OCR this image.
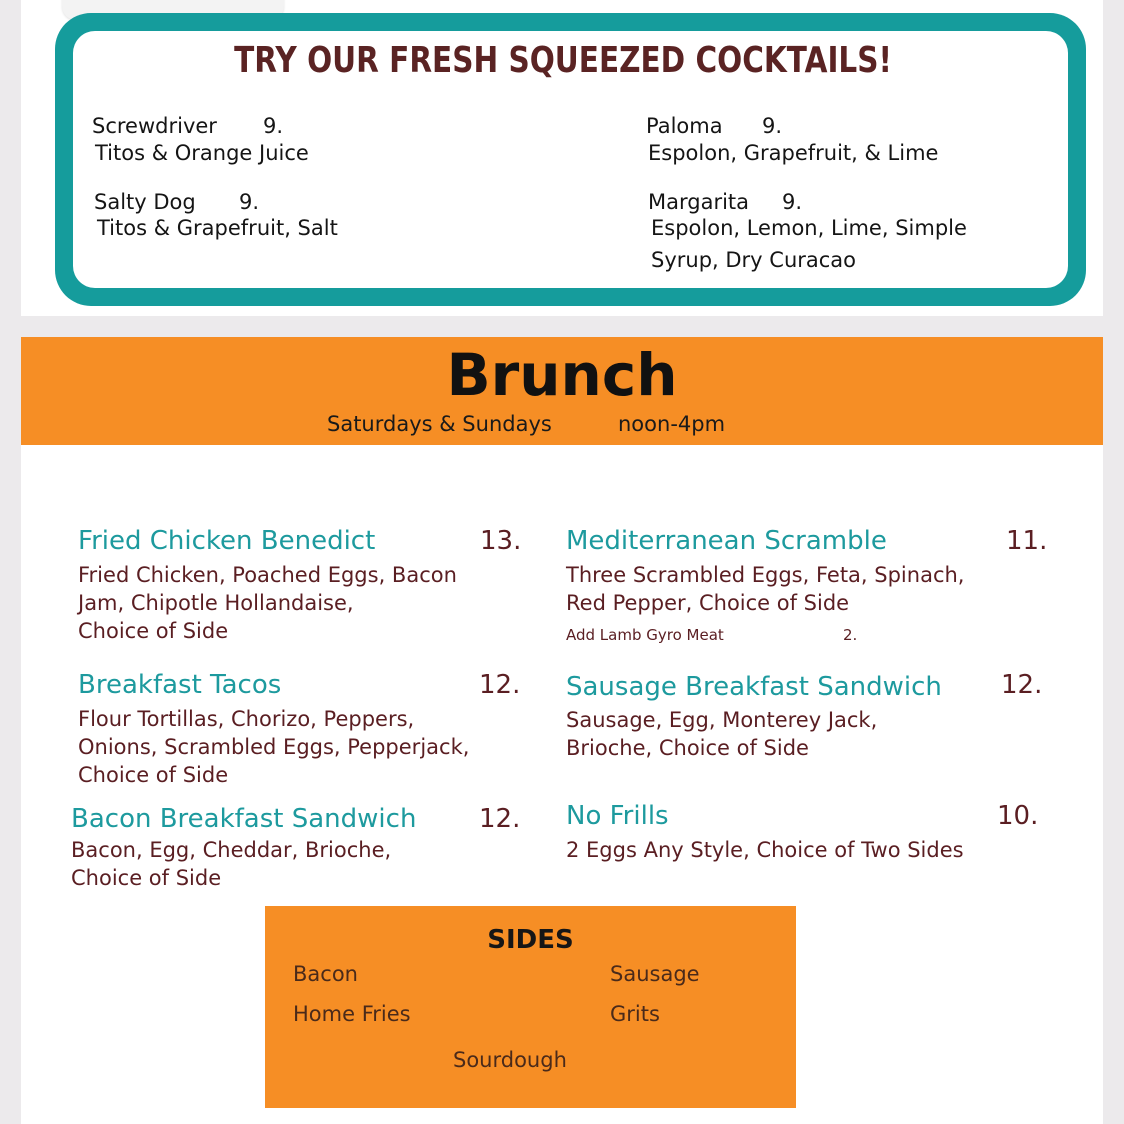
TRY OUR FRESH SQUEEZED COCKTAILS!
Screwdriver 9.
Titos & Orange Juice
Salty Dog 9.
Titos & Grapefruit, Salt
Paloma 9.
Espolon, Grapefruit, & Lime
Margarita 9.
Espolon, Lemon, Lime, Simple
Syrup, Dry Curacao
Brunch
Saturdays & Sundays	noon-4pm
Fried Chicken Benedict	13.
Fried Chicken, Poached Eggs, Bacon
Jam, Chipotle Hollandaise,
Choice of Side
Mediterranean Scramble	11.
Three Scrambled Eggs, Feta, Spinach,
Red Pepper, Choice of Side
Add Lamb Gyro Meat	2.
Breakfast Tacos	12.
Flour Tortillas, Chorizo, Peppers,
Onions, Scrambled Eggs, Pepperjack,
Choice of Side
Sausage Breakfast Sandwich 12.
Sausage, Egg, Monterey Jack,
Brioche, Choice of Side
Bacon Breakfast Sandwich 12.
Bacon, Egg, Cheddar, Brioche,
Choice of Side
No Frills	10.
2 Eggs Any Style, Choice of Two Sides
SIDES
Bacon	Sausage
Home Fries	Grits
Sourdough
